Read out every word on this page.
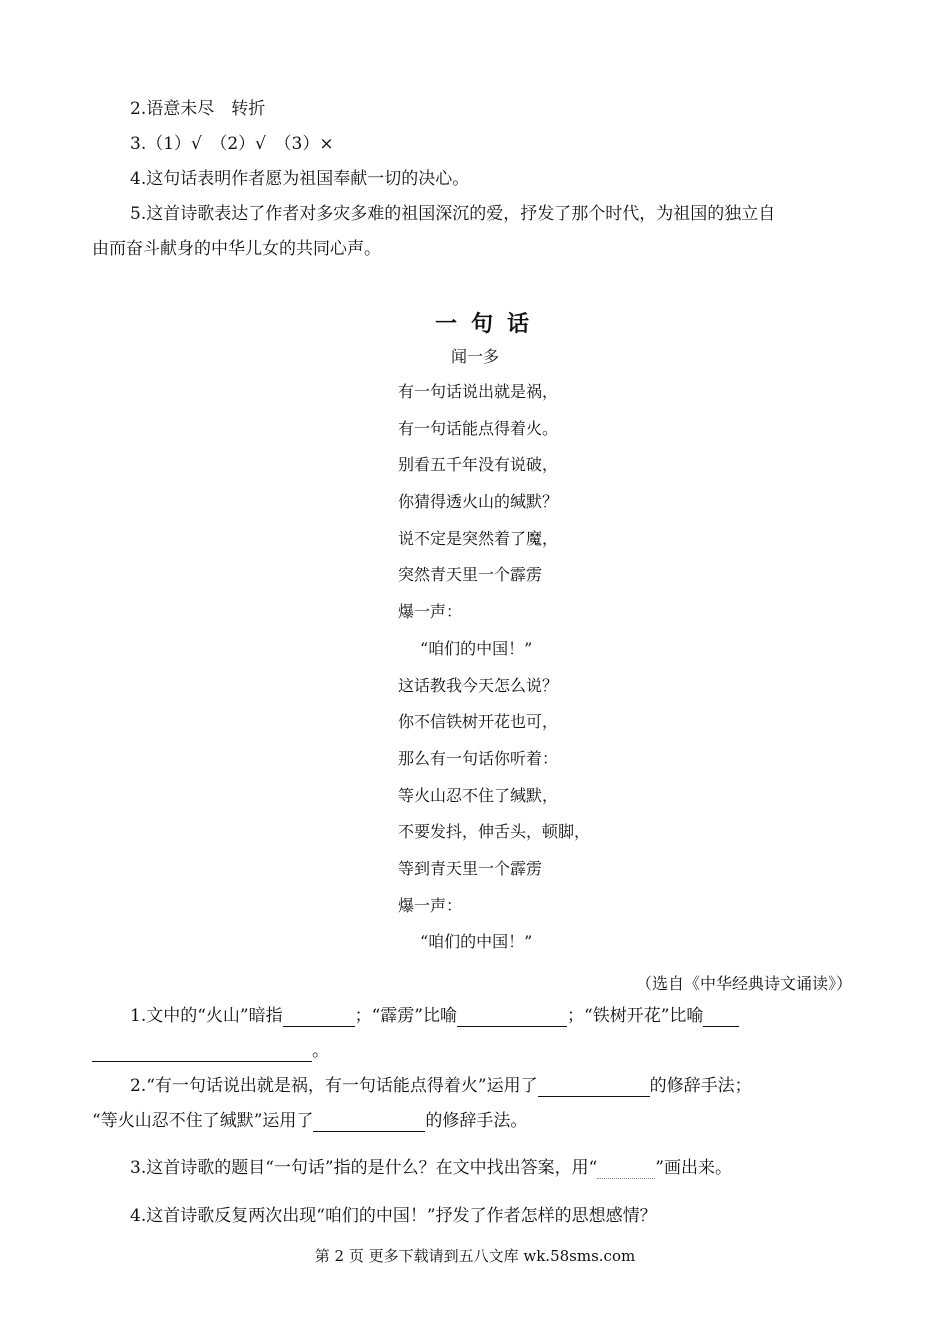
2.语意未尽　转折
3.（1）√　（2）√　（3）×
4.这句话表明作者愿为祖国奉献一切的决心。
5.这首诗歌表达了作者对多灾多难的祖国深沉的爱，抒发了那个时代，为祖国的独立自
由而奋斗献身的中华儿女的共同心声。
一句话
闻一多
有一句话说出就是祸，
有一句话能点得着火。
别看五千年没有说破，
你猜得透火山的缄默？
说不定是突然着了魔，
突然青天里一个霹雳
爆一声：
“咱们的中国！”
这话教我今天怎么说？
你不信铁树开花也可，
那么有一句话你听着：
等火山忍不住了缄默，
不要发抖，伸舌头，顿脚，
等到青天里一个霹雳
爆一声：
“咱们的中国！”
（选自《中华经典诗文诵读》）
1.文中的“火山”暗指	；“霹雳”比喻	；“铁树开花”比喻
。
2.“有一句话说出就是祸，有一句话能点得着火”运用了	的修辞手法；
“等火山忍不住了缄默”运用了	的修辞手法。
3.这首诗歌的题目“一句话”指的是什么？在文中找出答案，用“	”画出来。
4.这首诗歌反复两次出现“咱们的中国！”抒发了作者怎样的思想感情？
第 2 页 更多下载请到五八文库 wk.58sms.com
